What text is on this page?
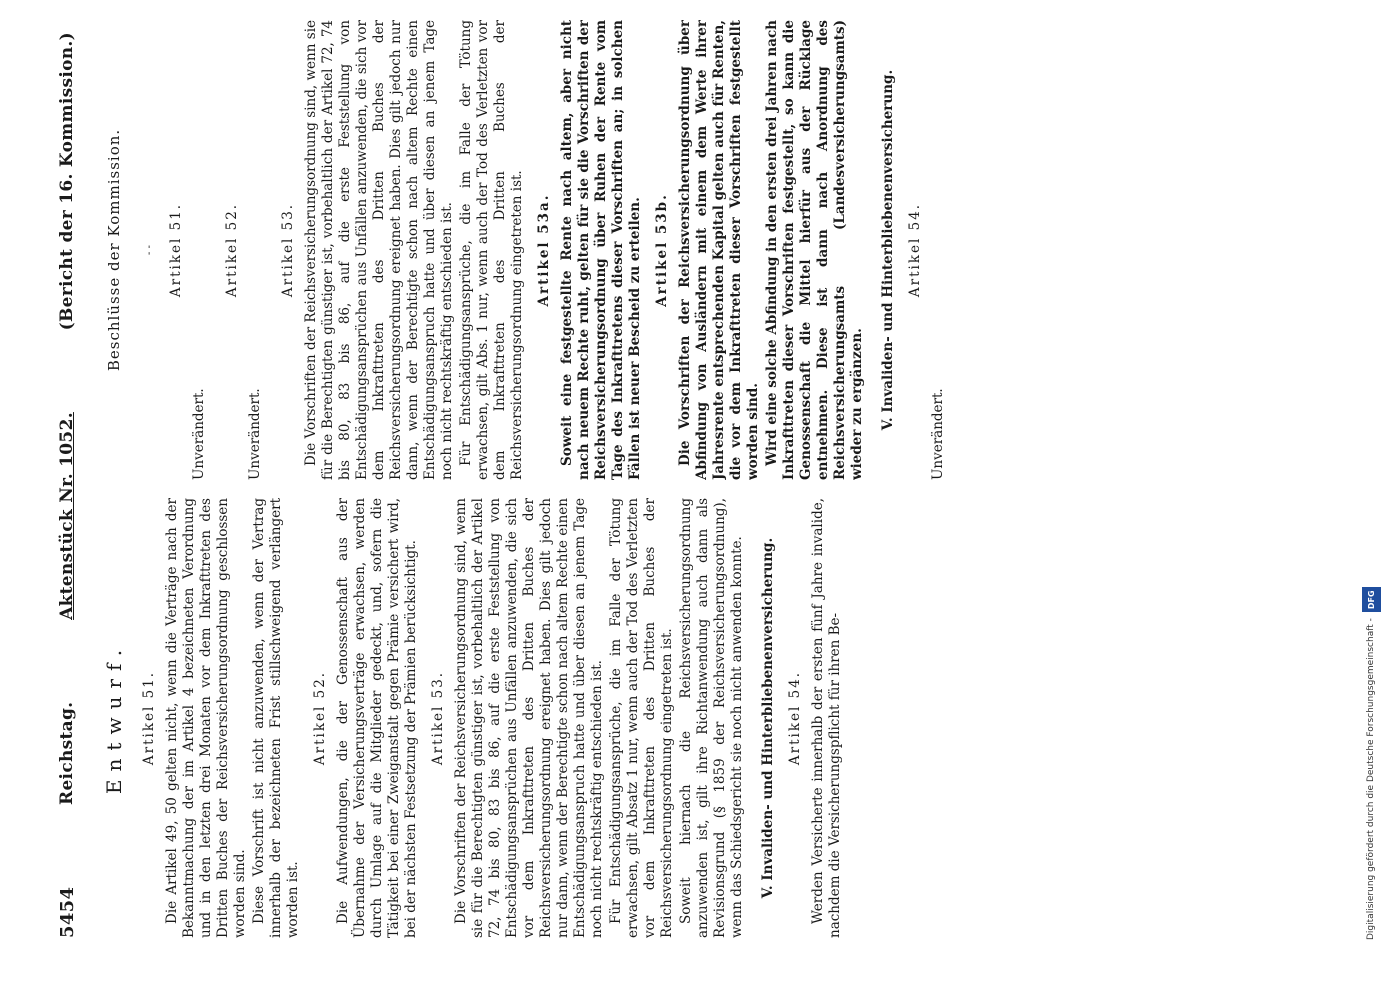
5454
Reichstag.
Aktenstück Nr. 1052.
(Bericht der 16. Kommission.)
Entwurf. Artikel 51. Die Artikel 49, 50 gelten nicht, wenn die Verträge nach der Bekanntmachung der im Artikel 4 bezeichneten Verordnung und in den letzten drei Monaten vor dem Inkrafttreten des Dritten Buches der Reichsversicherungsordnung geschlossen worden sind. Diese Vorschrift ist nicht anzuwenden, wenn der Vertrag innerhalb der bezeichneten Frist stillschweigend verlängert worden ist.

Artikel 52. Die Aufwendungen, die der Genossenschaft aus der Übernahme der Versicherungsverträge erwachsen, werden durch Umlage auf die Mitglieder gedeckt, und, sofern die Tätigkeit bei einer Zweiganstalt gegen Prämie versichert wird, bei der nächsten Festsetzung der Prämien berücksichtigt. Artikel 53. Die Vorschriften der Reichsversicherungsordnung sind, wenn sie für die Berechtigten günstiger ist, vorbehaltlich der Artikel 72, 74 bis 80, 83 bis 86, auf die erste Feststellung von Entschädigungsansprüchen aus Unfällen anzuwenden, die sich vor dem Inkrafttreten des Dritten Buches der Reichsversicherungsordnung ereignet haben. Dies gilt jedoch nur dann, wenn der Berechtigte schon nach altem Rechte einen Entschädigungsanspruch hatte und über diesen an jenem Tage noch nicht rechtskräftig entschieden ist. Für Entschädigungsansprüche, die im Falle der Tötung erwachsen, gilt Absatz 1 nur, wenn auch der Tod des Verletzten vor dem Inkrafttreten des Dritten Buches der Reichsversicherungsordnung eingetreten ist. Soweit hiernach die Reichsversicherungsordnung anzuwenden ist, gilt ihre Richtanwendung auch dann als Revisionsgrund (§ 1859 der Reichsversicherungsordnung), wenn das Schiedsgericht sie noch nicht anwenden konnte. V. Invaliden- und Hinterbliebenenversicherung. Artikel 54. Werden Versicherte innerhalb der ersten fünf Jahre invalide, nachdem die Versicherungspflicht für ihren Be-

Beschlüsse der Kommission.	- - Artikel 51.

Unverändert.

Artikel 52.

Unverändert.

Artikel 53. Die Vorschriften der Reichsversicherungsordnung sind, wenn sie für die Berechtigten günstiger ist, vorbehaltlich der Artikel 72, 74 bis 80, 83 bis 86, auf die erste Feststellung von Entschädigungsansprüchen aus Unfällen anzuwenden, die sich vor dem Inkrafttreten des Dritten Buches der Reichsversicherungsordnung ereignet haben. Dies gilt jedoch nur dann, wenn der Berechtigte schon nach altem Rechte einen Entschädigungsanspruch hatte und über diesen an jenem Tage noch nicht rechtskräftig entschieden ist. Für Entschädigungsansprüche, die im Falle der Tötung erwachsen, gilt Abs. 1 nur, wenn auch der Tod des Verletzten vor dem Inkrafttreten des Dritten Buches der Reichsversicherungsordnung eingetreten ist. Artikel 53a. Soweit eine festgestellte Rente nach altem, aber nicht nach neuem Rechte ruht, gelten für sie die Vorschriften der Reichsversicherungsordnung über Ruhen der Rente vom Tage des Inkrafttretens dieser Vorschriften an; in solchen Fällen ist neuer Bescheid zu erteilen. Artikel 53b. Die Vorschriften der Reichsversicherungsordnung über Abfindung von Ausländern mit einem dem Werte ihrer Jahresrente entsprechenden Kapital gelten auch für Renten, die vor dem Inkrafttreten dieser Vorschriften festgestellt worden sind. Wird eine solche Abfindung in den ersten drei Jahren nach Inkrafttreten dieser Vorschriften festgestellt, so kann die Genossenschaft die Mittel hierfür aus der Rücklage entnehmen. Diese ist dann nach Anordnung des Reichsversicherungsamts (Landesversicherungsamts) wieder zu ergänzen. V. Invaliden- und Hinterbliebenenversicherung. Artikel 54.

Unverändert.

Digitalisierung gefördert durch die Deutsche Forschungsgemeinschaft -
DFG
